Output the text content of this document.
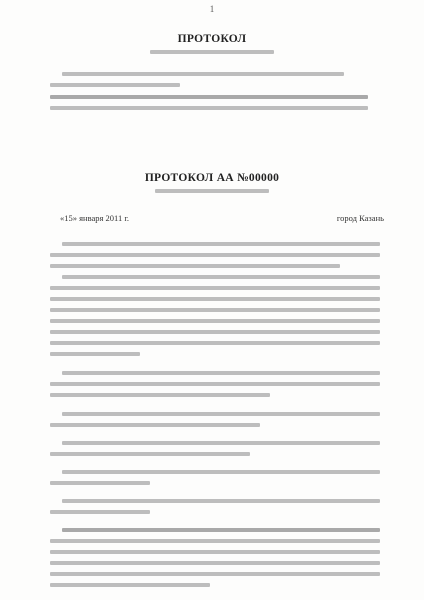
1
ПРОТОКОЛ
ПРОТОКОЛ АА №00000
«15» января 2011 г.	город Казань
